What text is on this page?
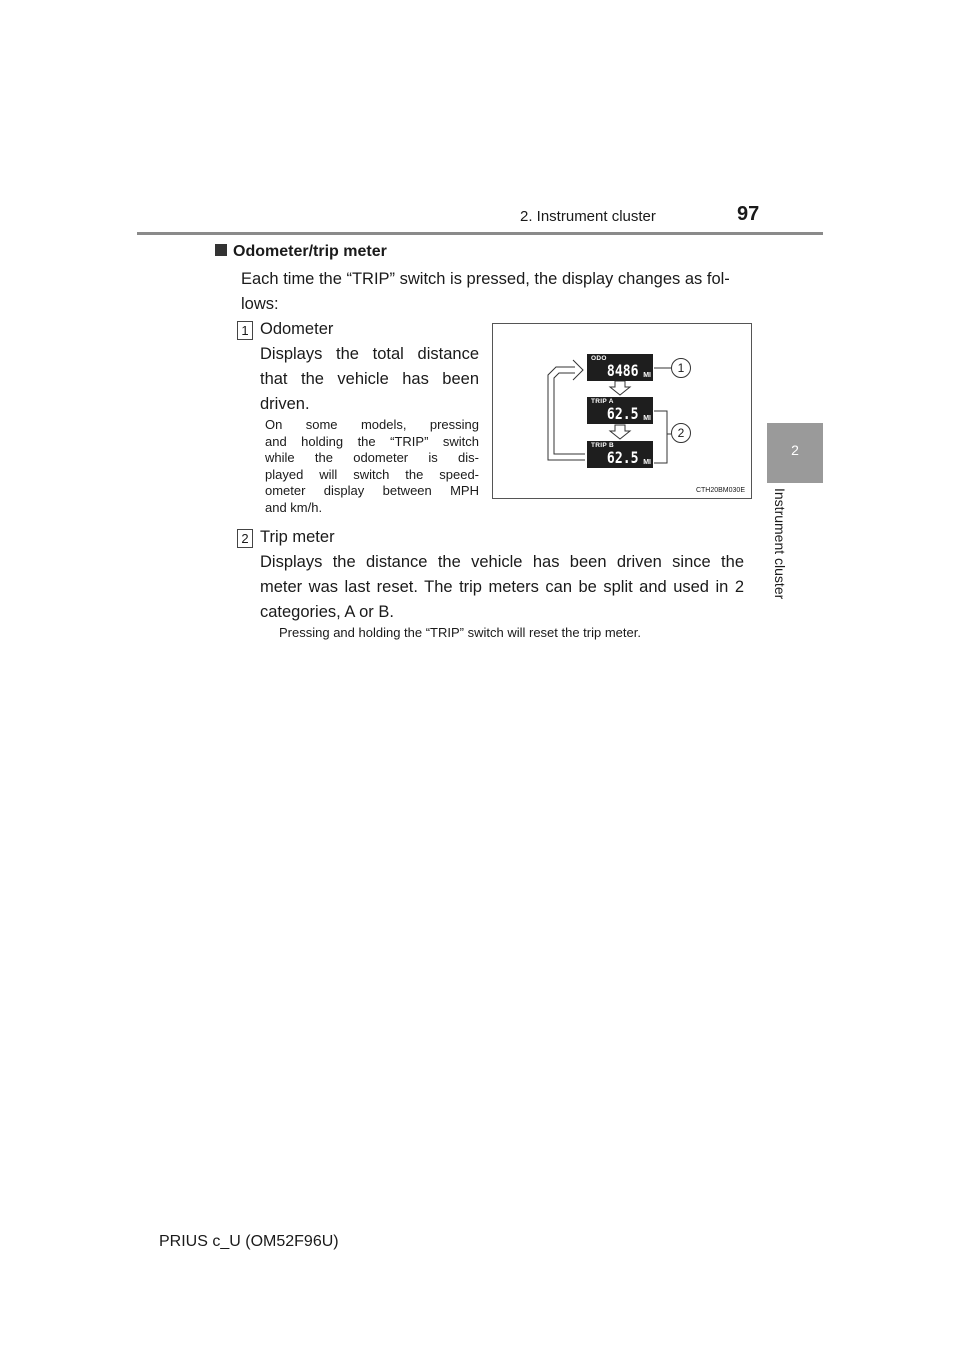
2. Instrument cluster	97
2
Instrument cluster
Odometer/trip meter
Each time the “TRIP” switch is pressed, the display changes as fol-
lows:
1 Odometer
Displays the total distance
that the vehicle has been
driven.
On some models, pressing
and holding the “TRIP” switch
while the odometer is dis-
played will switch the speed-
ometer display between MPH
and km/h.
ODO
8486 MI
TRIP A
62.5 MI
TRIP B
62.5 MI
1
2
CTH20BM030E
2 Trip meter
Displays the distance the vehicle has been driven since the
meter was last reset. The trip meters can be split and used in 2
categories, A or B.
Pressing and holding the “TRIP” switch will reset the trip meter.
PRIUS c_U (OM52F96U)
